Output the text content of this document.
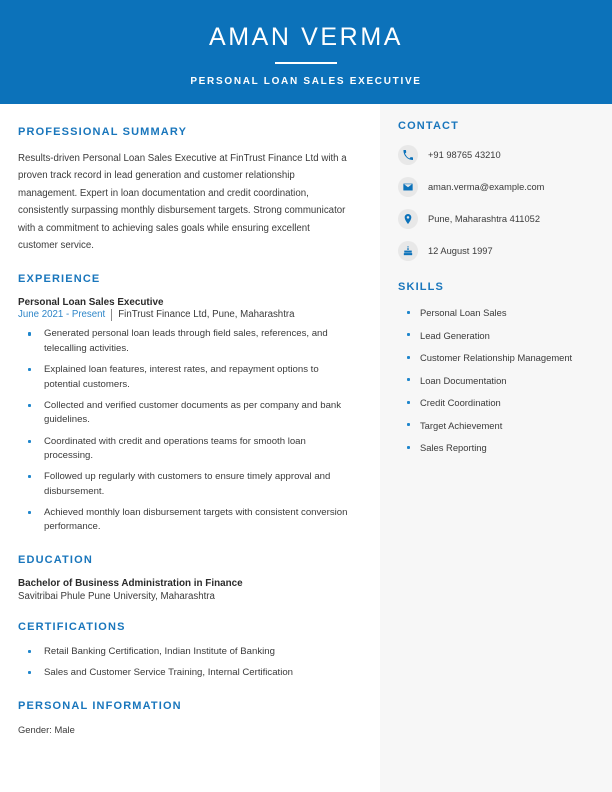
AMAN VERMA
PERSONAL LOAN SALES EXECUTIVE
PROFESSIONAL SUMMARY
Results-driven Personal Loan Sales Executive at FinTrust Finance Ltd with a proven track record in lead generation and customer relationship management. Expert in loan documentation and credit coordination, consistently surpassing monthly disbursement targets. Strong communicator with a commitment to achieving sales goals while ensuring excellent customer service.
EXPERIENCE
Personal Loan Sales Executive
June 2021 - Present FinTrust Finance Ltd, Pune, Maharashtra
Generated personal loan leads through field sales, references, and telecalling activities.
Explained loan features, interest rates, and repayment options to potential customers.
Collected and verified customer documents as per company and bank guidelines.
Coordinated with credit and operations teams for smooth loan processing.
Followed up regularly with customers to ensure timely approval and disbursement.
Achieved monthly loan disbursement targets with consistent conversion performance.
EDUCATION
Bachelor of Business Administration in Finance
Savitribai Phule Pune University, Maharashtra
CERTIFICATIONS
Retail Banking Certification, Indian Institute of Banking
Sales and Customer Service Training, Internal Certification
PERSONAL INFORMATION
Gender: Male
CONTACT
+91 98765 43210
aman.verma@example.com
Pune, Maharashtra 411052
12 August 1997
SKILLS
Personal Loan Sales
Lead Generation
Customer Relationship Management
Loan Documentation
Credit Coordination
Target Achievement
Sales Reporting
